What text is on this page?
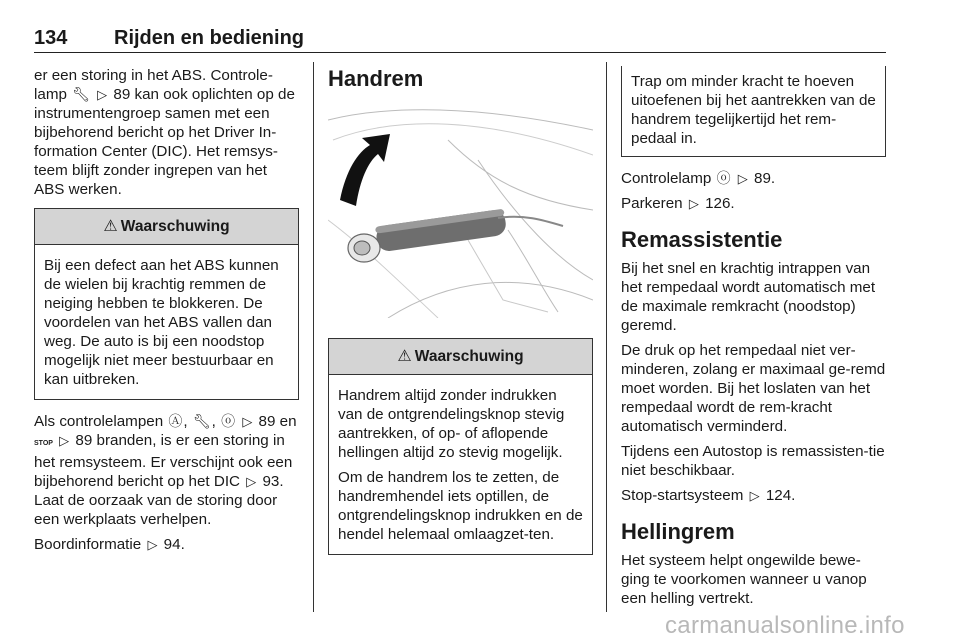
134 Rijden en bediening

er een storing in het ABS. Controle-
lamp 🔧︎ ▷ 89 kan ook oplichten op de instrumentengroep samen met een bijbehorend bericht op het Driver In-formation Center (DIC). Het remsys-teem blijft zonder ingrepen van het ABS werken.

⚠︎ Waarschuwing

Bij een defect aan het ABS kunnen de wielen bij krachtig remmen de neiging hebben te blokkeren. De voordelen van het ABS vallen dan weg. De auto is bij een noodstop mogelijk niet meer bestuurbaar en kan uitbreken.

Als controlelampen Ⓐ, 🔧︎, ⓞ ▷ 89 en STOP ▷ 89 branden, is er een storing in het remsysteem. Er verschijnt ook een bijbehorend bericht op het DIC ▷ 93. Laat de oorzaak van de storing door een werkplaats verhelpen.

Boordinformatie ▷ 94.

Handrem
⚠︎ Waarschuwing

Handrem altijd zonder indrukken van de ontgrendelingsknop stevig aantrekken, of op- of aflopende hellingen altijd zo stevig mogelijk.

Om de handrem los te zetten, de handremhendel iets optillen, de ontgrendelingsknop indrukken en de hendel helemaal omlaagzet-ten.

Trap om minder kracht te hoeven uitoefenen bij het aantrekken van de handrem tegelijkertijd het rem-pedaal in.

Controlelamp ⓞ ▷ 89.

Parkeren ▷ 126.

Remassistentie

Bij het snel en krachtig intrappen van het rempedaal wordt automatisch met de maximale remkracht (noodstop) geremd.

De druk op het rempedaal niet ver-minderen, zolang er maximaal ge-remd moet worden. Bij het loslaten van het rempedaal wordt de rem-kracht automatisch verminderd.

Tijdens een Autostop is remassisten-tie niet beschikbaar.

Stop-startsysteem ▷ 124.

Hellingrem

Het systeem helpt ongewilde bewe-ging te voorkomen wanneer u vanop een helling vertrekt.

carmanualsonline.info
